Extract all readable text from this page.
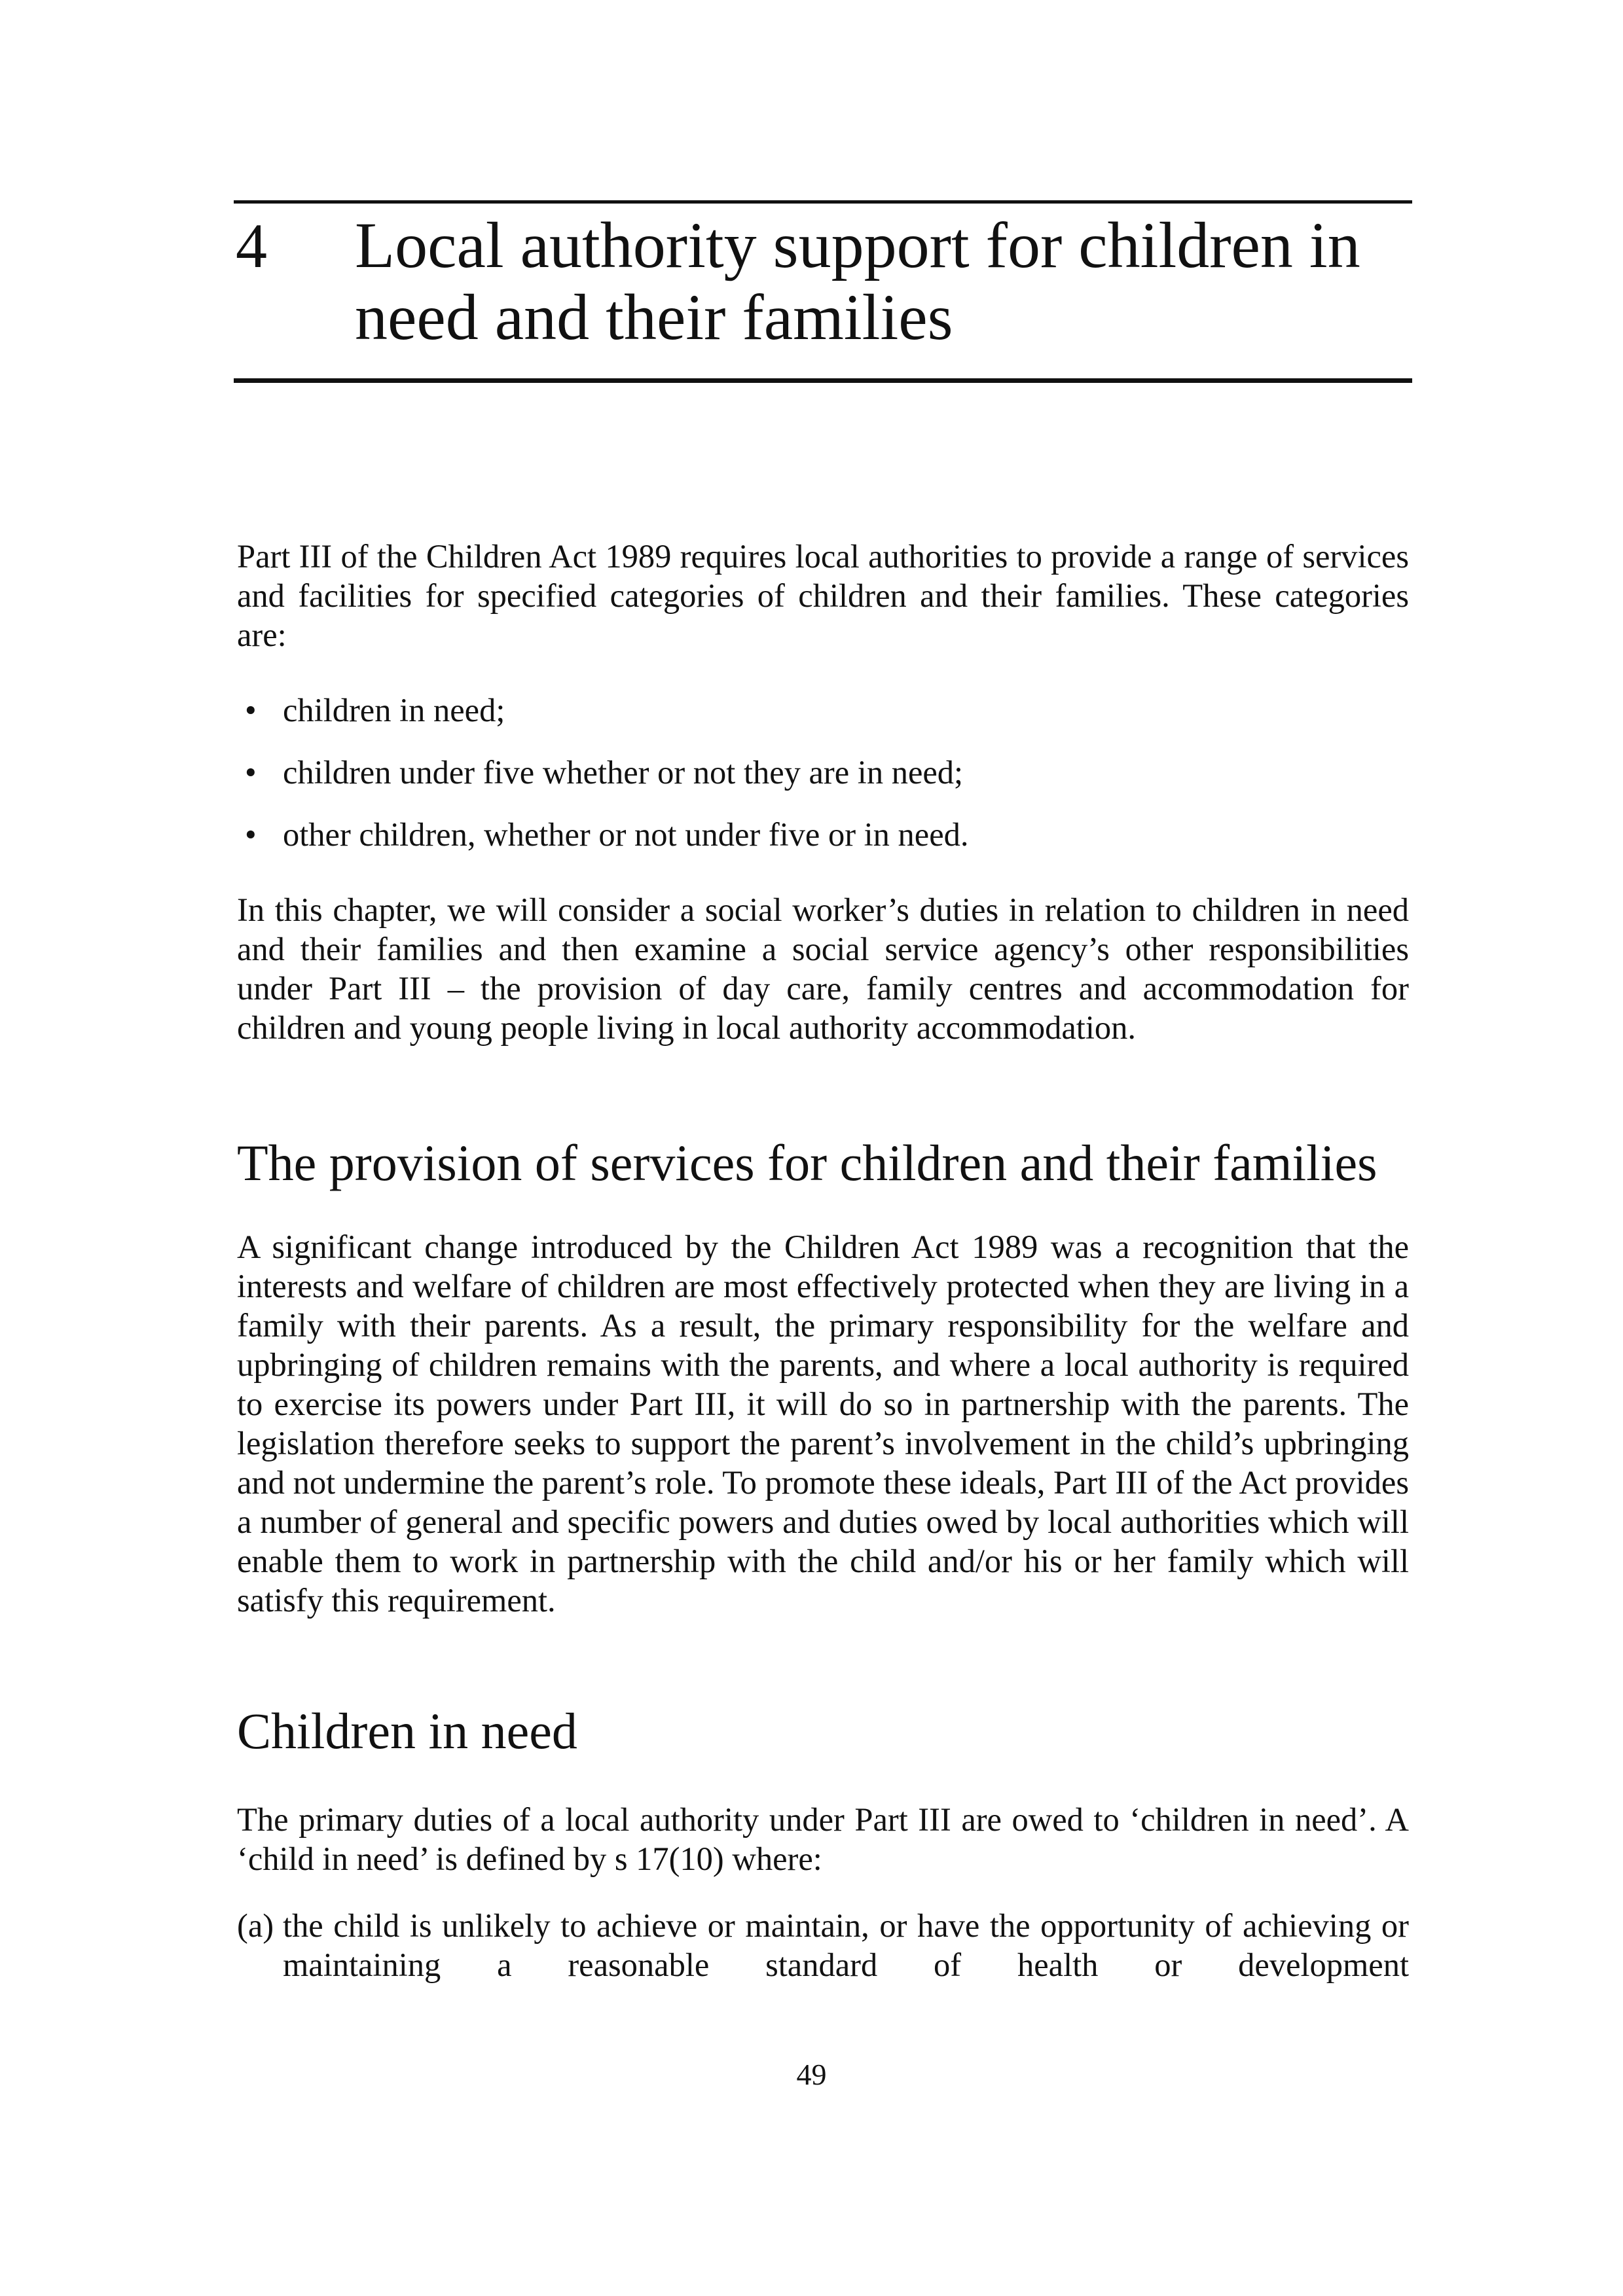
4 Local authority support for children in need and their families

Part III of the Children Act 1989 requires local authorities to provide a range of services and facilities for specified categories of children and their families. These categories are:

• children in need;
• children under five whether or not they are in need;
• other children, whether or not under five or in need.

In this chapter, we will consider a social worker’s duties in relation to children in need and their families and then examine a social service agency’s other responsibilities under Part III – the provision of day care, family centres and accommodation for children and young people living in local authority accommodation.

The provision of services for children and their families

A significant change introduced by the Children Act 1989 was a recognition that the interests and welfare of children are most effectively protected when they are living in a family with their parents. As a result, the primary responsibility for the welfare and upbringing of children remains with the parents, and where a local authority is required to exercise its powers under Part III, it will do so in partnership with the parents. The legislation therefore seeks to support the parent’s involvement in the child’s upbringing and not undermine the parent’s role. To promote these ideals, Part III of the Act provides a number of general and specific powers and duties owed by local authorities which will enable them to work in partnership with the child and/or his or her family which will satisfy this requirement.

Children in need

The primary duties of a local authority under Part III are owed to ‘children in need’. A ‘child in need’ is defined by s 17(10) where:

(a) the child is unlikely to achieve or maintain, or have the opportunity of achieving or maintaining a reasonable standard of health or development
49
